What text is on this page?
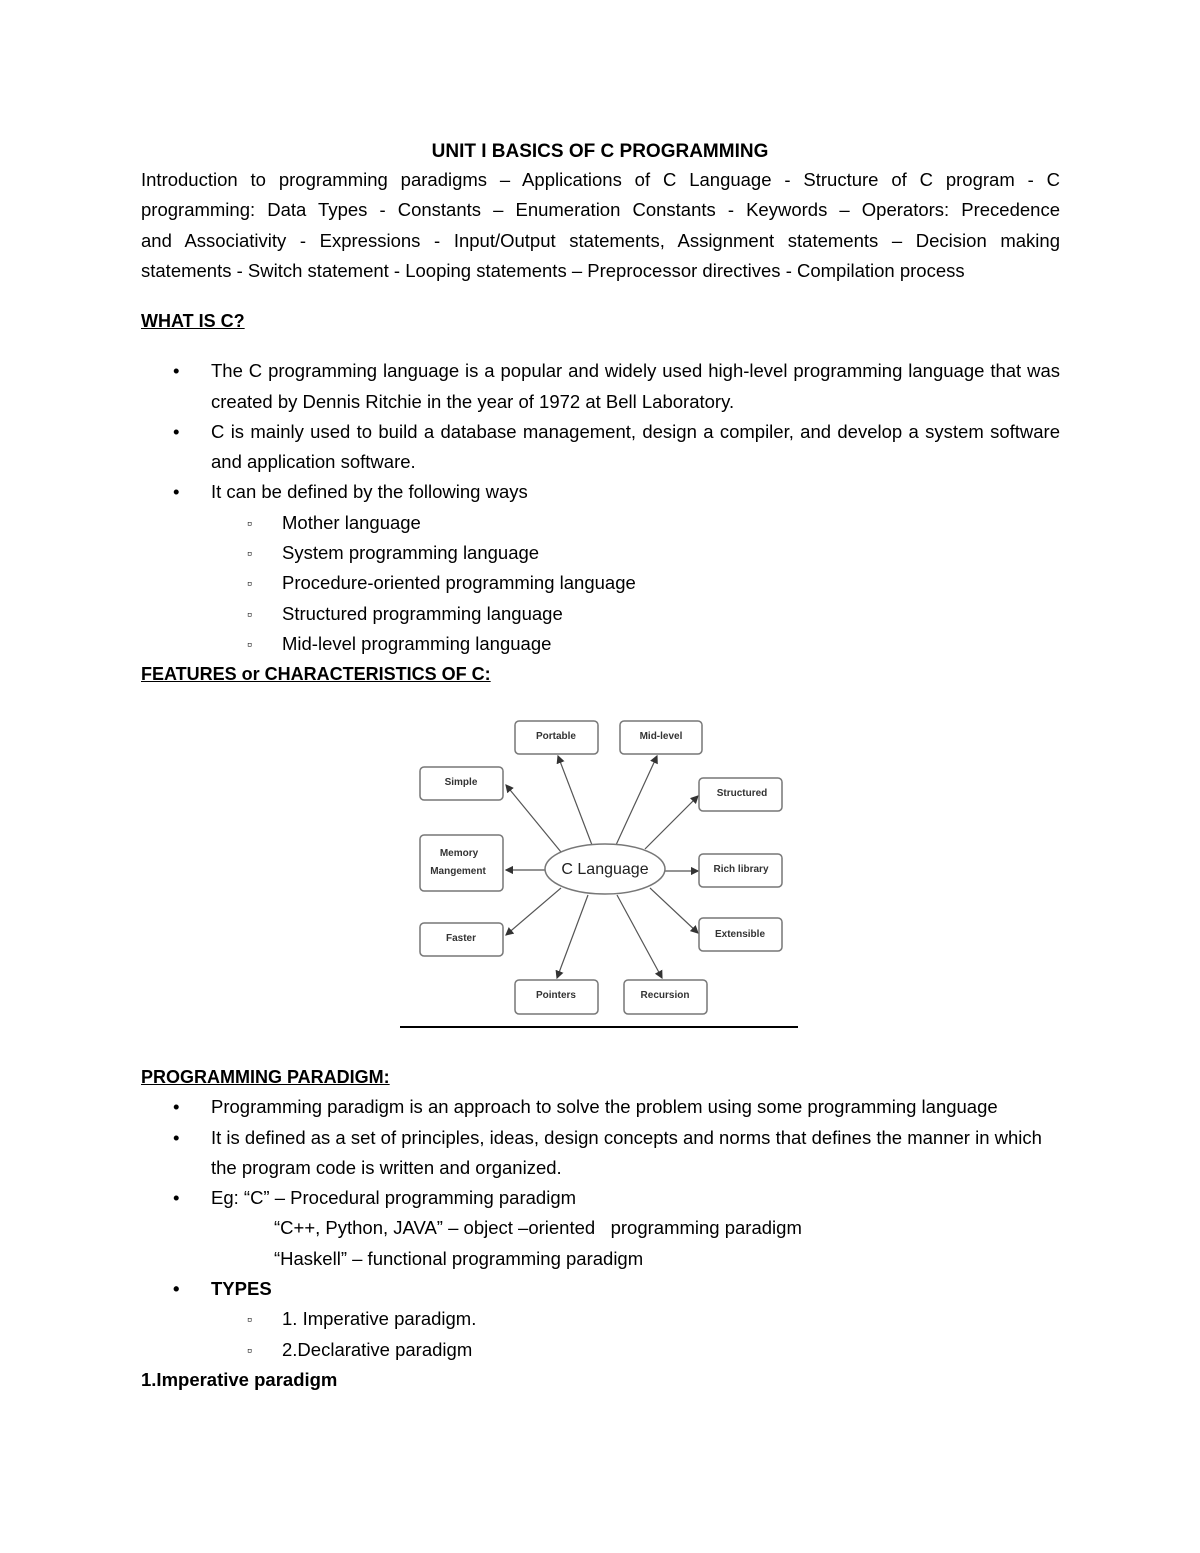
UNIT I BASICS OF C PROGRAMMING
Introduction to programming paradigms – Applications of C Language - Structure of C program - C
programming: Data Types - Constants – Enumeration Constants - Keywords – Operators: Precedence
and Associativity - Expressions - Input/Output statements, Assignment statements – Decision making
statements - Switch statement - Looping statements – Preprocessor directives - Compilation process
WHAT IS C?
• The C programming language is a popular and widely used high-level programming language that was created by Dennis Ritchie in the year of 1972 at Bell Laboratory.
• C is mainly used to build a database management, design a compiler, and develop a system software and application software.
• It can be defined by the following ways
▫ Mother language
▫ System programming language
▫ Procedure-oriented programming language
▫ Structured programming language
▫ Mid-level programming language
FEATURES or CHARACTERISTICS OF C:
C Language
Portable	Mid-level
Simple
Structured
Memory
Mangement	Rich library
Faster	Extensible
Pointers	Recursion
PROGRAMMING PARADIGM:
• Programming paradigm is an approach to solve the problem using some programming language
• It is defined as a set of principles, ideas, design concepts and norms that defines the manner in which the program code is written and organized.
• Eg: “C” – Procedural programming paradigm
“C++, Python, JAVA” – object –oriented   programming paradigm
“Haskell” – functional programming paradigm
• TYPES
▫ 1. Imperative paradigm.
▫ 2.Declarative paradigm
1.Imperative paradigm
